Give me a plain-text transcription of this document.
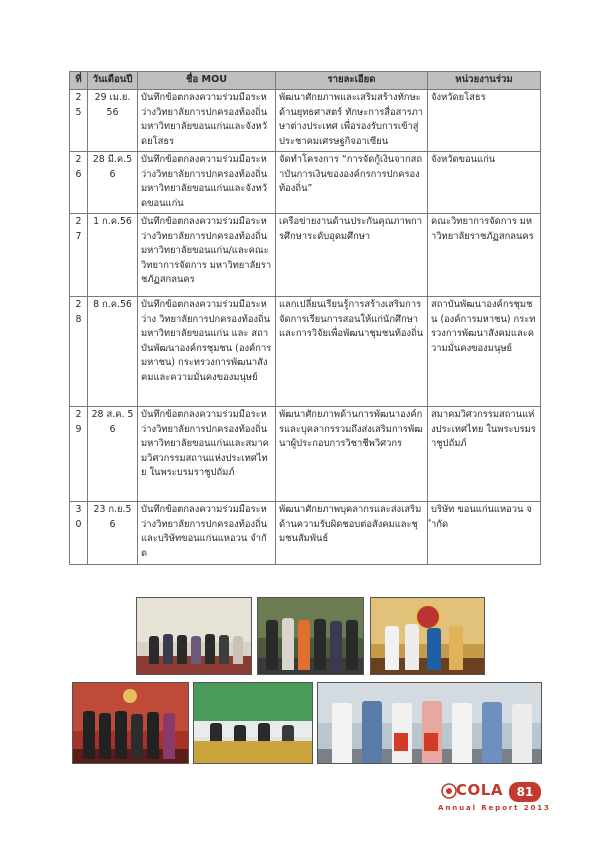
ที่	วันเดือนปี	ชื่อ MOU	รายละเอียด	หน่วยงานร่วม
25	29 เม.ย. 56	บันทึกข้อตกลงความร่วมมือระหว่างวิทยาลัยการปกครองท้องถิ่น มหาวิทยาลัยขอนแก่นและจังหวัดยโสธร	พัฒนาศักยภาพและเสริมสร้างทักษะด้านยุทธศาสตร์ ทักษะการสื่อสารภาษาต่างประเทศ เพื่อรองรับการเข้าสู่ประชาคมเศรษฐกิจอาเซียน	จังหวัดยโสธร
26	28 มี.ค.56	บันทึกข้อตกลงความร่วมมือระหว่างวิทยาลัยการปกครองท้องถิ่น มหาวิทยาลัยขอนแก่นและจังหวัดขอนแก่น	จัดทำโครงการ “การจัดกู้เงินจากสถาบันการเงินขององค์กรการปกครองท้องถิ่น”	จังหวัดขอนแก่น
27	1 ก.ค.56	บันทึกข้อตกลงความร่วมมือระหว่างวิทยาลัยการปกครองท้องถิ่น มหาวิทยาลัยขอนแก่น/และคณะวิทยาการจัดการ มหาวิทยาลัยราชภัฏสกลนคร	เครือข่ายงานด้านประกันคุณภาพการศึกษาระดับอุดมศึกษา	คณะวิทยาการจัดการ มหาวิทยาลัยราชภัฏสกลนคร
28	8 ก.ค.56	บันทึกข้อตกลงความร่วมมือระหว่าง วิทยาลัยการปกครองท้องถิ่น มหาวิทยาลัยขอนแก่น และ สถาบันพัฒนาองค์กรชุมชน (องค์การมหาชน) กระทรวงการพัฒนาสังคมและความมั่นคงของมนุษย์	แลกเปลี่ยนเรียนรู้การสร้างเสริมการจัดการเรียนการสอนให้แก่นักศึกษา และการวิจัยเพื่อพัฒนาชุมชนท้องถิ่น	สถาบันพัฒนาองค์กรชุมชน (องค์การมหาชน) กระทรวงการพัฒนาสังคมและความมั่นคงของมนุษย์
29	28 ส.ค. 56	บันทึกข้อตกลงความร่วมมือระหว่างวิทยาลัยการปกครองท้องถิ่น มหาวิทยาลัยขอนแก่นและสมาคมวิศวกรรมสถานแห่งประเทศไทย ในพระบรมราชูปถัมภ์	พัฒนาศักยภาพด้านการพัฒนาองค์กรและบุคลากรรวมถึงส่งเสริมการพัฒนาผู้ประกอบการวิชาชีพวิศวกร	สมาคมวิศวกรรมสถานแห่งประเทศไทย ในพระบรมราชูปถัมภ์
30	23 ก.ย.56	บันทึกข้อตกลงความร่วมมือระหว่างวิทยาลัยการปกครองท้องถิ่น และบริษัทขอนแก่นแหอวน จำกัด	พัฒนาศักยภาพบุคลากรและส่งเสริมด้านความรับผิดชอบต่อสังคมและชุมชนสัมพันธ์	บริษัท ขอนแก่นแหอวน จำกัด
COLA	81
Annual Report 2013
